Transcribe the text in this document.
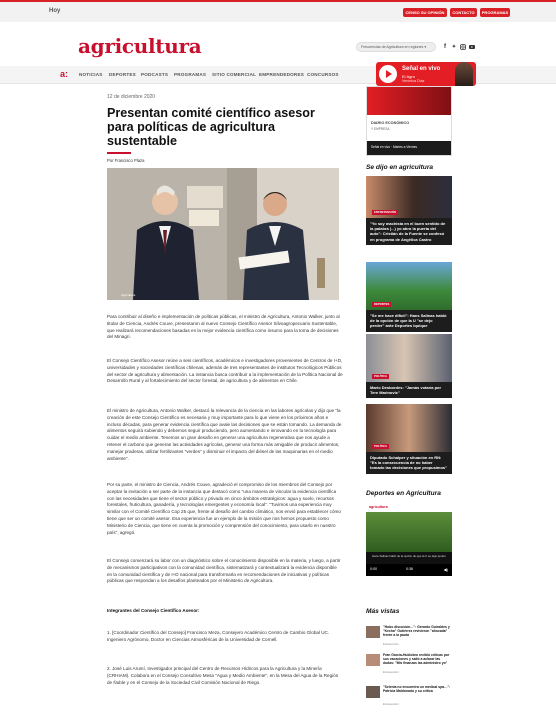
Hoy	CENSO SU OPINIÓN	CONTACTO	PROGRAMAS
agricultura	Frecuencias de Agricultura en regiones ▾	f	✦
a: NOTICIAS DEPORTES PODCASTS PROGRAMAS SITIO COMERCIAL EMPRENDEDORES CONCURSOS
Señal en vivo
El Agro
Verónica Díaz
12 de diciembre 2020
Presentan comité científico asesor para políticas de agricultura sustentable
Por Francisco Plaza
Agricultura

Para contribuir al diseño e implementación de políticas públicas, el ministro de Agricultura, Antonio Walker, junto al titular de Ciencia, Andrés Couve, presentaron al nuevo Consejo Científico Asesor Silvoagropecuario Sustentable, que realizará recomendaciones basadas en la mejor evidencia científica como insumo para la toma de decisiones del Minagri.

El Consejo Científico Asesor reúne a seis científicos, académicos e investigadores provenientes de Centros de I+D, universidades y sociedades científicas chilenas, además de tres representantes de institutos Tecnológicos Públicos del sector de agricultura y alimentación. La instancia busca contribuir a la implementación de la Política Nacional de Desarrollo Rural y al fortalecimiento del sector forestal, de agricultura y de alimentos en Chile.

El ministro de Agricultura, Antonio Walker, destacó la relevancia de la ciencia en las labores agrícolas y dijo que "la creación de este Consejo Científico es necesaria y muy importante para lo que viene en los próximos años e incluso décadas, para generar evidencia científica que avale las decisiones que se están tomando. La demanda de alimentos seguirá subiendo y debemos seguir produciendo, pero aumentando e innovando en la tecnología para cuidar el medio ambiente. Tenemos un gran desafío en generar una agricultura regenerativa que nos ayude a retener el carbono que generan las actividades agrícolas, generar una forma más amigable de producir alimentos, manejar praderas, utilizar fertilizantes "verdes" y disminuir el impacto del diésel de las maquinarias en el medio ambiente".

Por su parte, el ministro de Ciencia, Andrés Couve, agradeció el compromiso de los miembros del Consejo por aceptar la invitación a ser parte de la instancia que destacó como "una manera de vincular la evidencia científica con las necesidades que tiene el sector público y privado en cinco ámbitos estratégicos: agua y suelo, recursos forestales, fruticultura, ganadería, y tecnologías emergentes y economía local". "Tuvimos una experiencia muy similar con el Comité Científico Cop 25 que, frente al desafío del cambio climático, nos envió para establecer cómo tiene que ser un comité asesor. Esa experiencia fue un ejemplo de la misión que nos hemos propuesto como Ministerio de Ciencia, que tiene en cuenta la promoción y comprensión del conocimiento, para usarlo en nuestro país", agregó.

El Consejo comenzará su labor con un diagnóstico sobre el conocimiento disponible en la materia, y luego, a partir de mecanismos participativos con la comunidad científica, sistematizará y contextualizará la evidencia disponible en la comunidad científica y de I+D nacional para transformarla en recomendaciones de iniciativas y políticas públicas que respondan a los desafíos planteados por el Ministerio de Agricultura.

Integrantes del Consejo Científico Asesor:

1. [Coordinador Científico del Consejo] Francisco Meza, Consejero Académico Centro de Cambio Global UC. Ingeniero Agrónomo, Doctor en Ciencias Atmosféricas de la Universidad de Cornell.

2. José Luis Arumí, Investigador principal del Centro de Recursos Hídricos para la Agricultura y la Minería (CRHIAM). Colabora en el Consejo Consultivo Mesa "Agua y Medio Ambiente", en la Mesa del Agua de la Región de Ñuble y en el Consejo de la Sociedad Civil Comisión Nacional de Riego.

DIARIO ECONÓMICO
Y EMPRESA
Señal en vivo · Martes a Viernes
Se dijo en agricultura
ENTRETENCIÓN
"Yo soy machista en el buen sentido de la palabra (...) yo abro la puerta del auto": Cristián de la Fuente se confesó en programa de Angélica Castro
DEPORTES
"Se me hace difícil": Hans Salinas habló de la opción de que la U "se dejo perder" ante Deportes Iquique
POLÍTICA
Mario Desbordes: "Jamás votaría por Tere Marinovic"
POLÍTICA
Diputado Schalper y situación en RN: "Es la consecuencia de no haber tomado las decisiones que propusimos"
Deportes en Agricultura
agricultura
Hans Salinas habló de la opción de que la U se dejó perder
0:00	0:36	◀)
Más vistas
"Hubo discusión…": Gerardo Guiraldes y "Kecha" Gutiérrez revivieron "ahocada" frente a la pauta
Entretención
Fran García-Huidobro recibió críticas por sus vacaciones y salió a aclarar las dudas: "Mis finanzas las administro yo"
Entretención
"Selenia no encuentra un medical spa…": Patricia Maldonado y su crítica
Entretención
